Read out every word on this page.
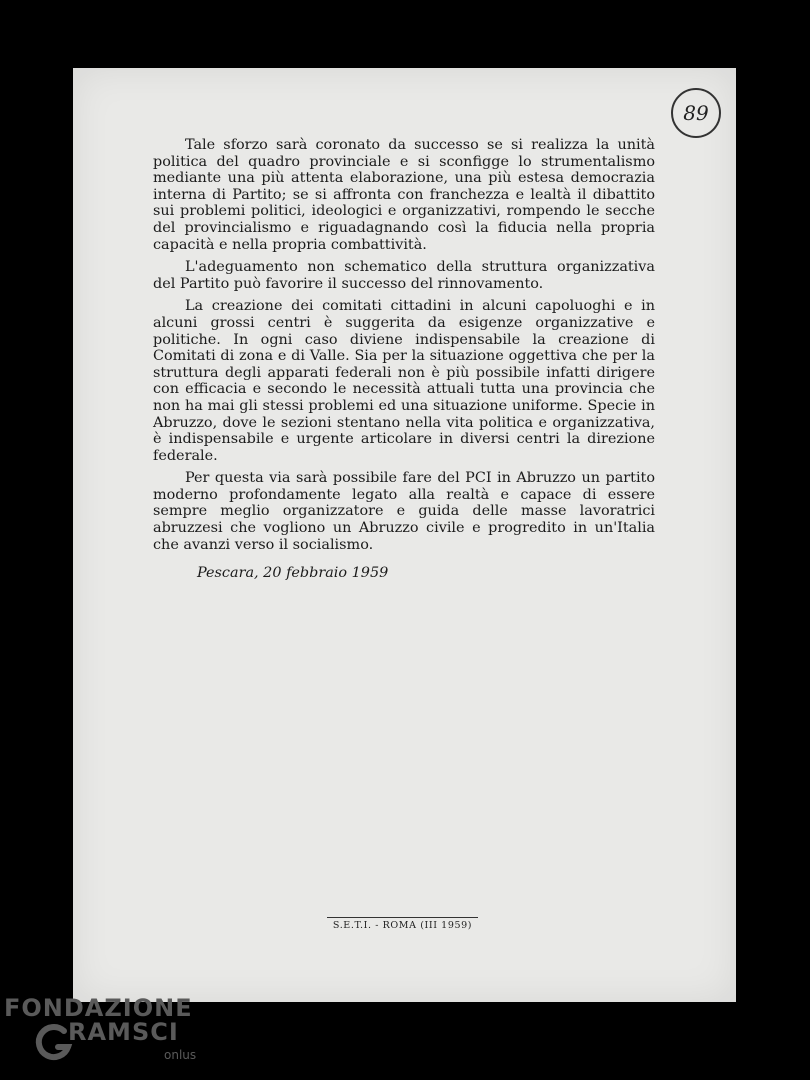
89

Tale sforzo sarà coronato da successo se si realizza la unità politica del quadro provinciale e si sconfigge lo strumentalismo mediante una più attenta elaborazione, una più estesa democrazia interna di Partito; se si affronta con franchezza e lealtà il dibattito sui problemi politici, ideologici e organizzativi, rompendo le secche del provincialismo e riguadagnando così la fiducia nella propria capacità e nella propria combattività.

L'adeguamento non schematico della struttura organizzativa del Partito può favorire il successo del rinnovamento.

La creazione dei comitati cittadini in alcuni capoluoghi e in alcuni grossi centri è suggerita da esigenze organizzative e politiche. In ogni caso diviene indispensabile la creazione di Comitati di zona e di Valle. Sia per la situazione oggettiva che per la struttura degli apparati federali non è più possibile infatti dirigere con efficacia e secondo le necessità attuali tutta una provincia che non ha mai gli stessi problemi ed una situazione uniforme. Specie in Abruzzo, dove le sezioni stentano nella vita politica e organizzativa, è indispensabile e urgente articolare in diversi centri la direzione federale.

Per questa via sarà possibile fare del PCI in Abruzzo un partito moderno profondamente legato alla realtà e capace di essere sempre meglio organizzatore e guida delle masse lavoratrici abruzzesi che vogliono un Abruzzo civile e progredito in un'Italia che avanzi verso il socialismo.

Pescara, 20 febbraio 1959
S.E.T.I. - ROMA (III 1959)
FONDAZIONE
RAMSCI
onlus
